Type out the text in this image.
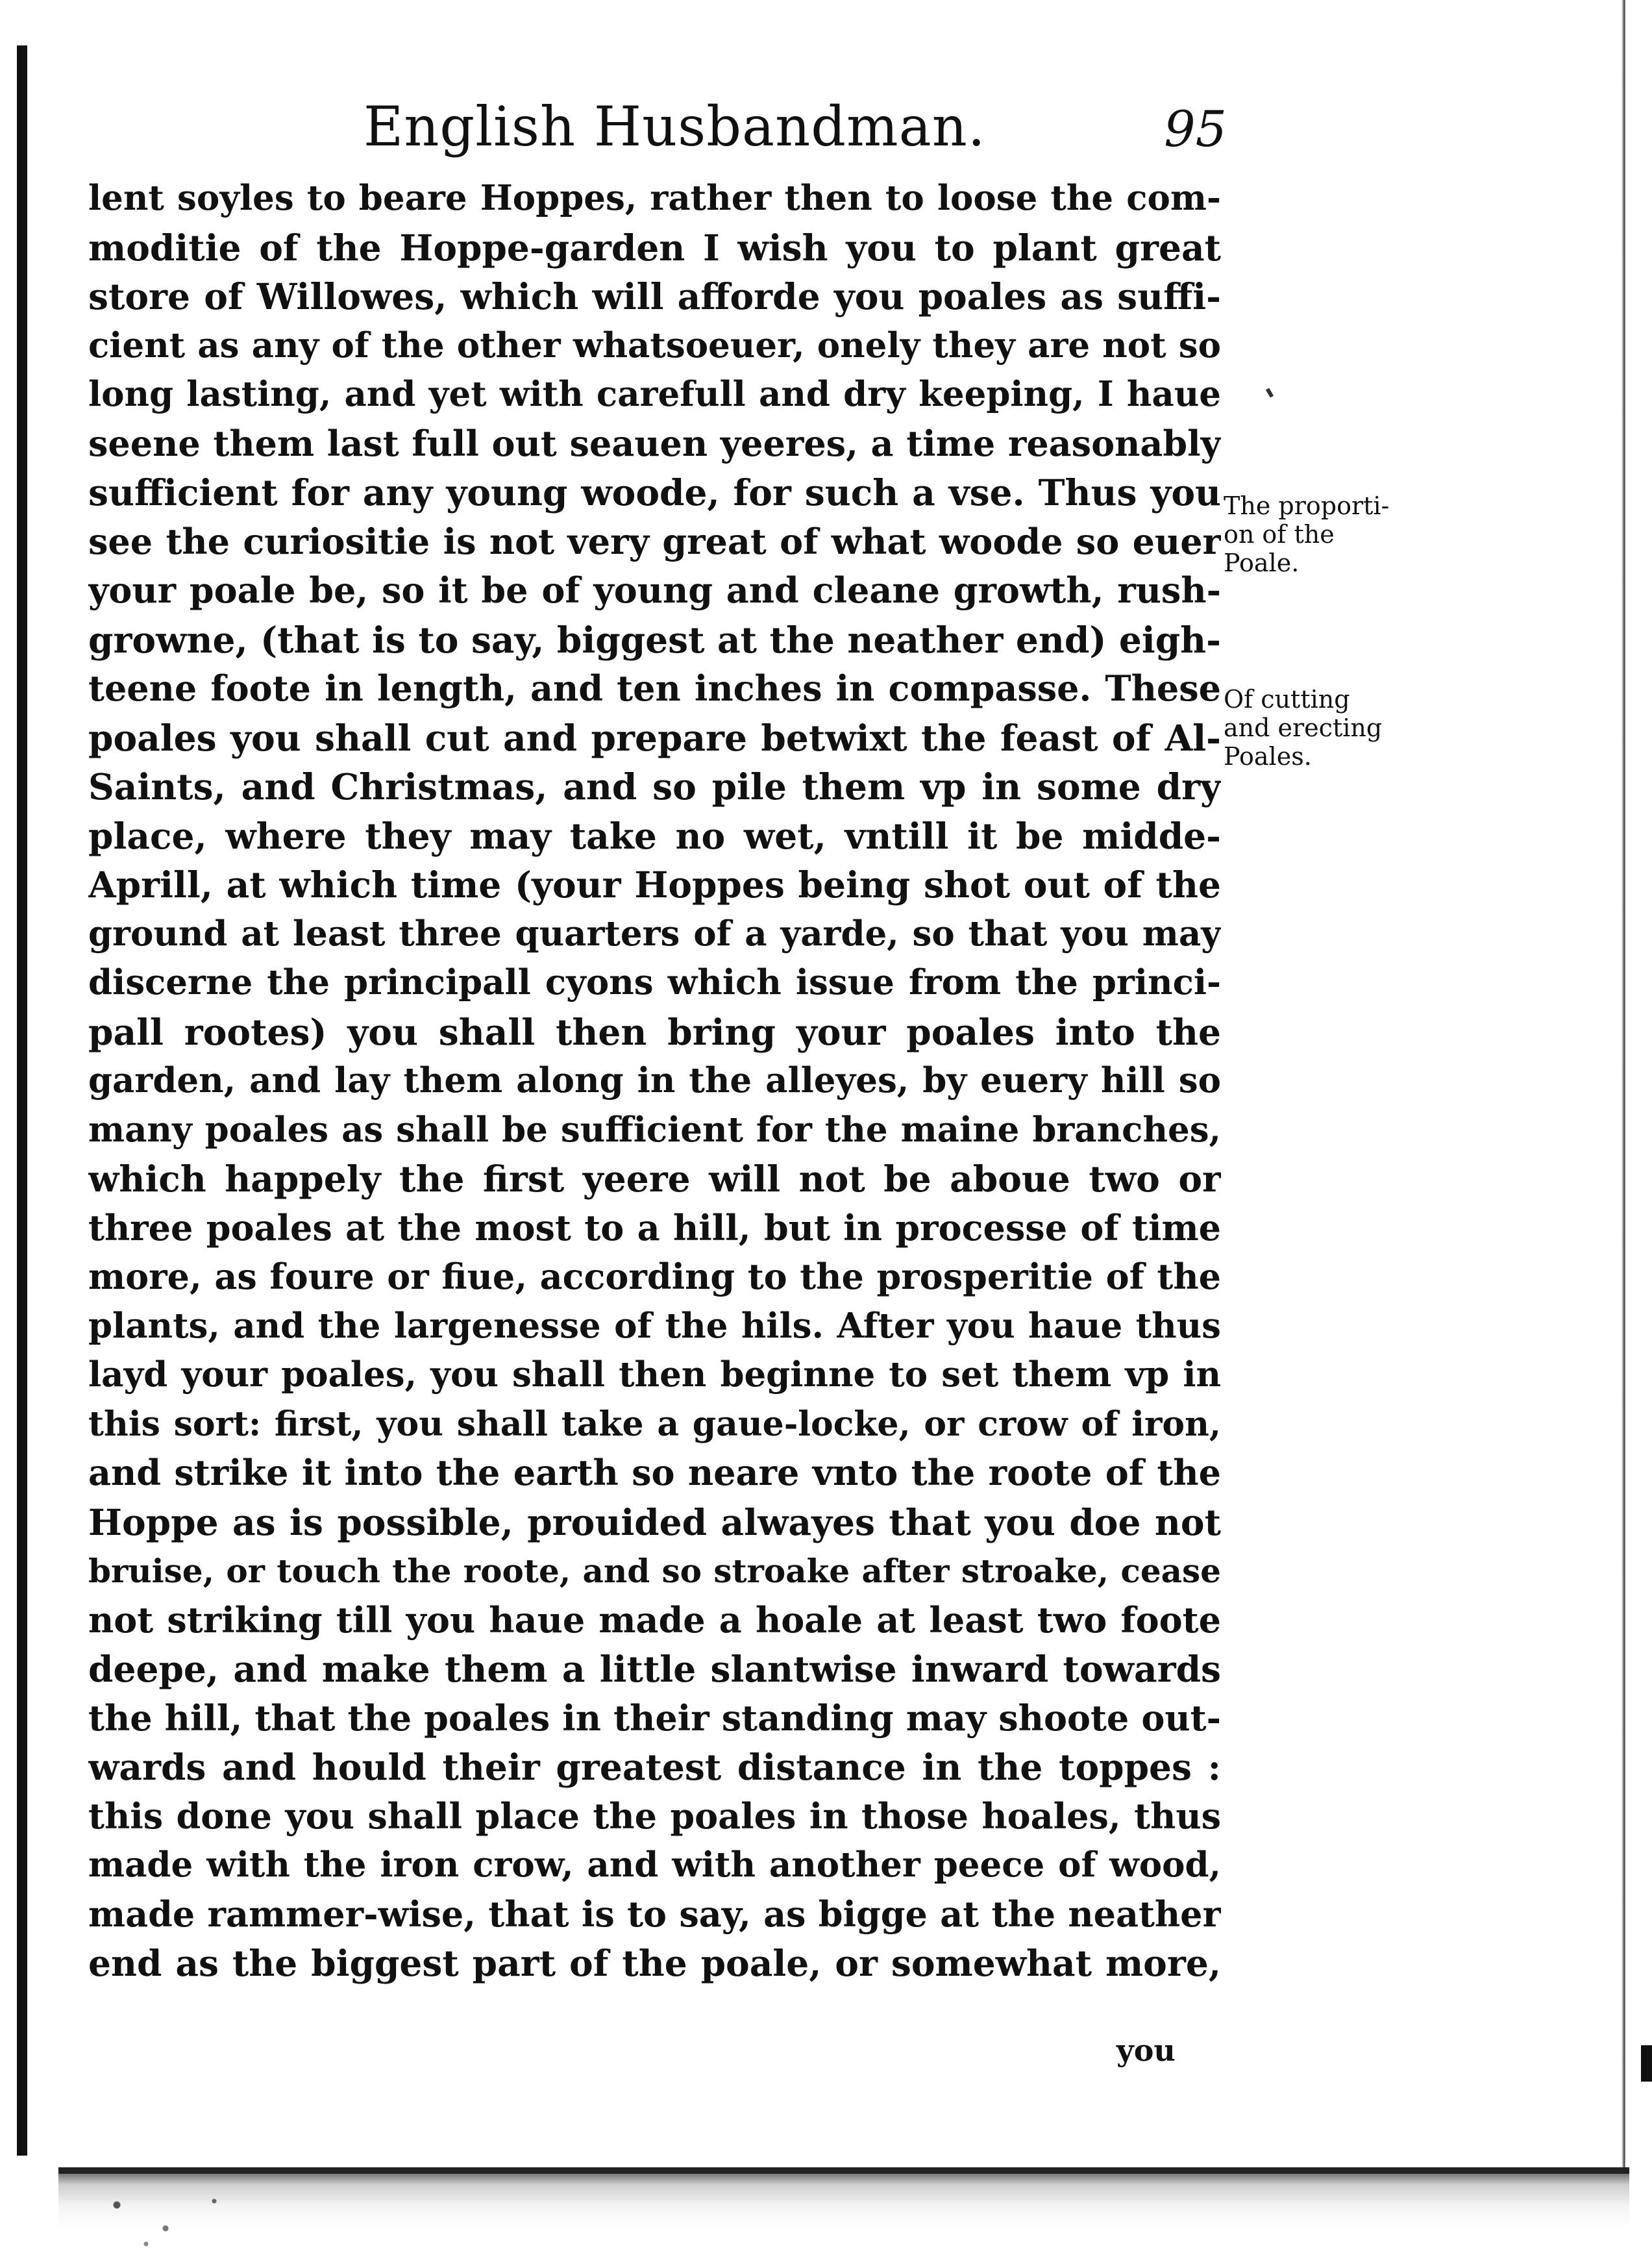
English Husbandman.	95
lent soyles to beare Hoppes, rather then to loose the com-
moditie of the Hoppe-garden I wish you to plant great
store of Willowes, which will afforde you poales as suffi-
cient as any of the other whatsoeuer, onely they are not so
long lasting, and yet with carefull and dry keeping, I haue
seene them last full out seauen yeeres, a time reasonably
sufficient for any young woode, for such a vse. Thus you
see the curiositie is not very great of what woode so euer
your poale be, so it be of young and cleane growth, rush-
growne, (that is to say, biggest at the neather end) eigh-
teene foote in length, and ten inches in compasse. These
poales you shall cut and prepare betwixt the feast of Al-
Saints, and Christmas, and so pile them vp in some dry
place, where they may take no wet, vntill it be midde-
Aprill, at which time (your Hoppes being shot out of the
ground at least three quarters of a yarde, so that you may
discerne the principall cyons which issue from the princi-
pall rootes) you shall then bring your poales into the
garden, and lay them along in the alleyes, by euery hill so
many poales as shall be sufficient for the maine branches,
which happely the first yeere will not be aboue two or
three poales at the most to a hill, but in processe of time
more, as foure or fiue, according to the prosperitie of the
plants, and the largenesse of the hils. After you haue thus
layd your poales, you shall then beginne to set them vp in
this sort: first, you shall take a gaue-locke, or crow of iron,
and strike it into the earth so neare vnto the roote of the
Hoppe as is possible, prouided alwayes that you doe not
bruise, or touch the roote, and so stroake after stroake, cease
not striking till you haue made a hoale at least two foote
deepe, and make them a little slantwise inward towards
the hill, that the poales in their standing may shoote out-
wards and hould their greatest distance in the toppes :
this done you shall place the poales in those hoales, thus
made with the iron crow, and with another peece of wood,
made rammer-wise, that is to say, as bigge at the neather
end as the biggest part of the poale, or somewhat more,
you
The proporti-
on of the
Poale.
Of cutting
and erecting
Poales.
